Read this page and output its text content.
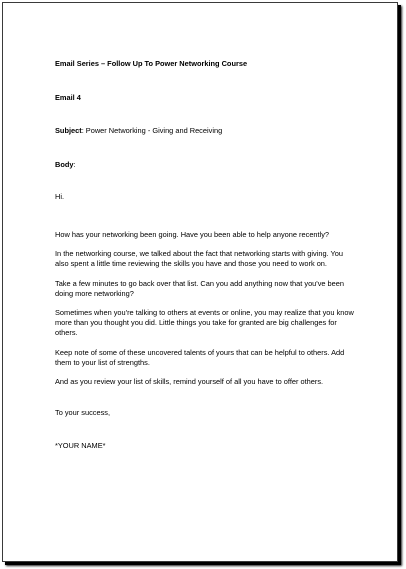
Email Series – Follow Up To Power Networking Course

Email 4

Subject: Power Networking - Giving and Receiving

Body:

Hi.

How has your networking been going. Have you been able to help anyone recently?

In the networking course, we talked about the fact that networking starts with giving. You also spent a little time reviewing the skills you have and those you need to work on.

Take a few minutes to go back over that list. Can you add anything now that you've been doing more networking?

Sometimes when you're talking to others at events or online, you may realize that you know more than you thought you did. Little things you take for granted are big challenges for others.

Keep note of some of these uncovered talents of yours that can be helpful to others. Add them to your list of strengths.

And as you review your list of skills, remind yourself of all you have to offer others.

To your success,

*YOUR NAME*
